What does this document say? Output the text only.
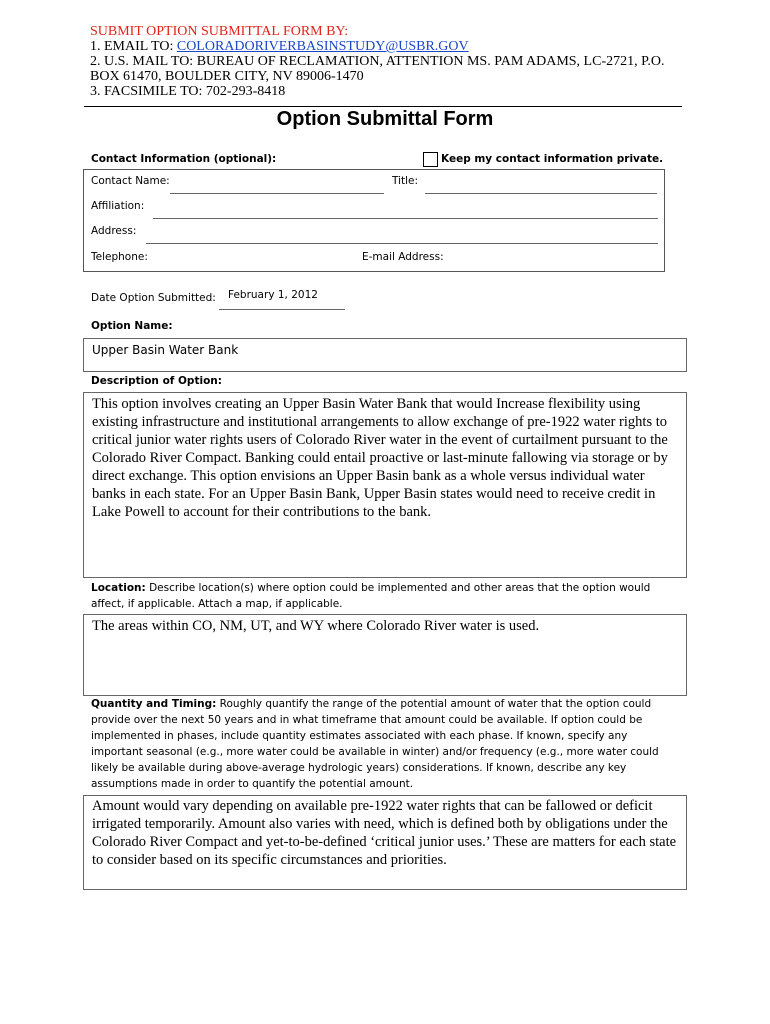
SUBMIT OPTION SUBMITTAL FORM BY:
1. EMAIL TO: COLORADORIVERBASINSTUDY@USBR.GOV
2. U.S. MAIL TO: BUREAU OF RECLAMATION, ATTENTION MS. PAM ADAMS, LC-2721, P.O.
BOX 61470, BOULDER CITY, NV 89006-1470
3. FACSIMILE TO: 702-293-8418
Option Submittal Form
Contact Information (optional):	Keep my contact information private.
Contact Name:	Title:
Affiliation:
Address:
Telephone:	E-mail Address:
Date Option Submitted: February 1, 2012
Option Name:
Upper Basin Water Bank
Description of Option:
This option involves creating an Upper Basin Water Bank that would Increase flexibility using existing infrastructure and institutional arrangements to allow exchange of pre-1922 water rights to critical junior water rights users of Colorado River water in the event of curtailment pursuant to the Colorado River Compact. Banking could entail proactive or last-minute fallowing via storage or by direct exchange. This option envisions an Upper Basin bank as a whole versus individual water banks in each state. For an Upper Basin Bank, Upper Basin states would need to receive credit in Lake Powell to account for their contributions to the bank.
Location: Describe location(s) where option could be implemented and other areas that the option would affect, if applicable. Attach a map, if applicable.
The areas within CO, NM, UT, and WY where Colorado River water is used.
Quantity and Timing: Roughly quantify the range of the potential amount of water that the option could provide over the next 50 years and in what timeframe that amount could be available. If option could be implemented in phases, include quantity estimates associated with each phase. If known, specify any important seasonal (e.g., more water could be available in winter) and/or frequency (e.g., more water could likely be available during above-average hydrologic years) considerations. If known, describe any key assumptions made in order to quantify the potential amount.
Amount would vary depending on available pre-1922 water rights that can be fallowed or deficit irrigated temporarily. Amount also varies with need, which is defined both by obligations under the Colorado River Compact and yet-to-be-defined ‘critical junior uses.’ These are matters for each state to consider based on its specific circumstances and priorities.
